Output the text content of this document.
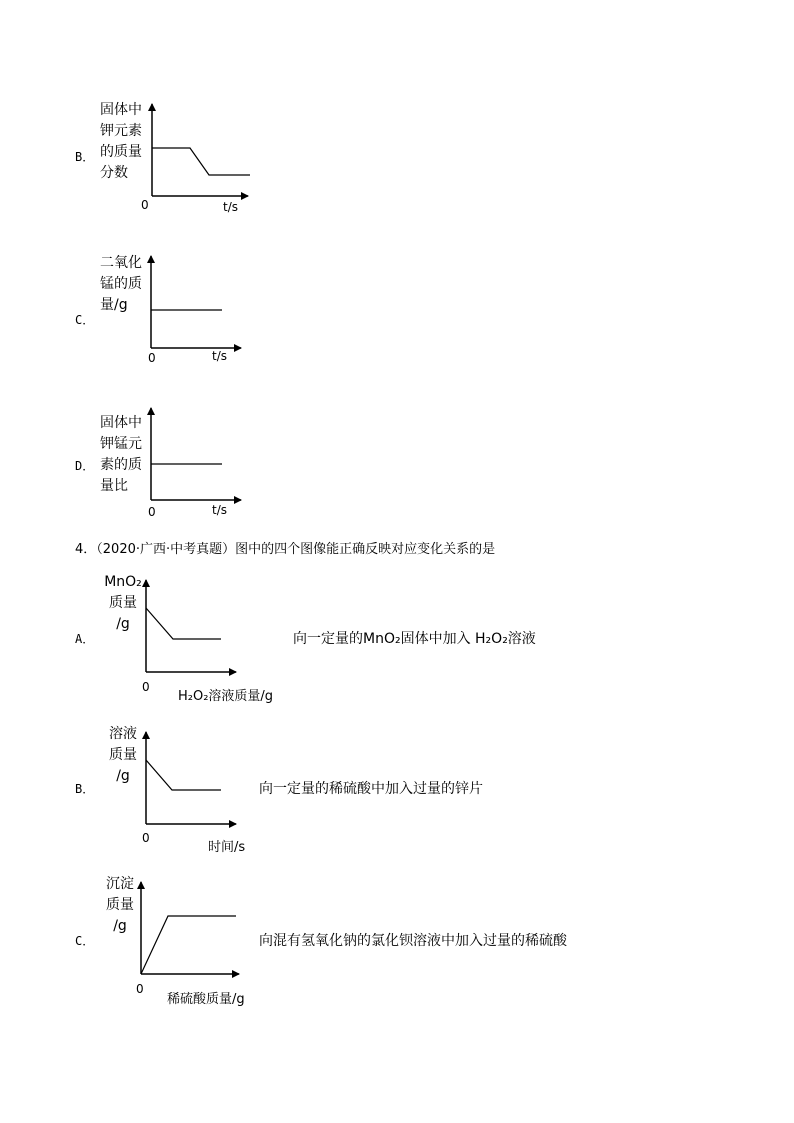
B．
固体中
钾元素
的质量
分数
0	t/s
C．
二氧化
锰的质
量/g
0	t/s
D．
固体中
钾锰元
素的质
量比
0	t/s
4．（2020·广西·中考真题）图中的四个图像能正确反映对应变化关系的是
A．
MnO₂
质量
/g
0
H₂O₂溶液质量/g
向一定量的MnO₂固体中加入 H₂O₂溶液
B．
溶液
质量
/g
0
时间/s
向一定量的稀硫酸中加入过量的锌片
C．
沉淀
质量
/g
0
稀硫酸质量/g
向混有氢氧化钠的氯化钡溶液中加入过量的稀硫酸
